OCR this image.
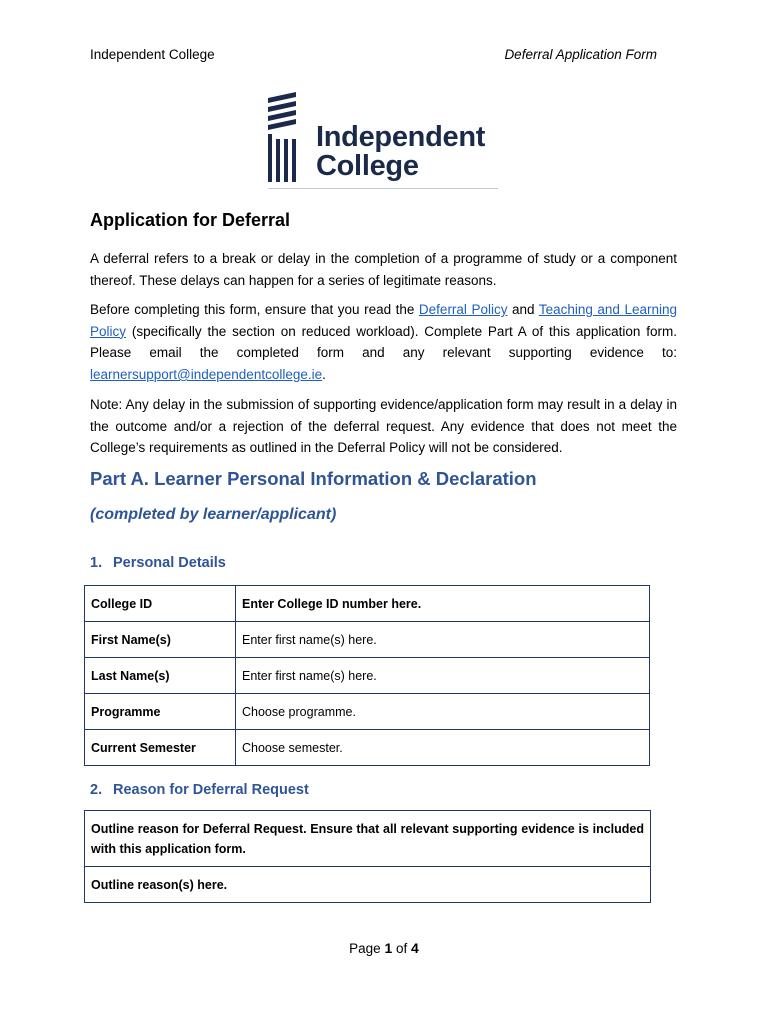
Independent College	Deferral Application Form
Independent
College
Application for Deferral

A deferral refers to a break or delay in the completion of a programme of study or a component thereof. These delays can happen for a series of legitimate reasons.

Before completing this form, ensure that you read the Deferral Policy and Teaching and Learning Policy (specifically the section on reduced workload). Complete Part A of this application form. Please email the completed form and any relevant supporting evidence to: learnersupport@independentcollege.ie.

Note: Any delay in the submission of supporting evidence/application form may result in a delay in the outcome and/or a rejection of the deferral request. Any evidence that does not meet the College’s requirements as outlined in the Deferral Policy will not be considered.

Part A. Learner Personal Information & Declaration
(completed by learner/applicant)
1. Personal Details
College ID	Enter College ID number here.
First Name(s)	Enter first name(s) here.
Last Name(s)	Enter first name(s) here.
Programme	Choose programme.
Current Semester	Choose semester.
2. Reason for Deferral Request
Outline reason for Deferral Request. Ensure that all relevant supporting evidence is included with this application form.
Outline reason(s) here.
Page 1 of 4
